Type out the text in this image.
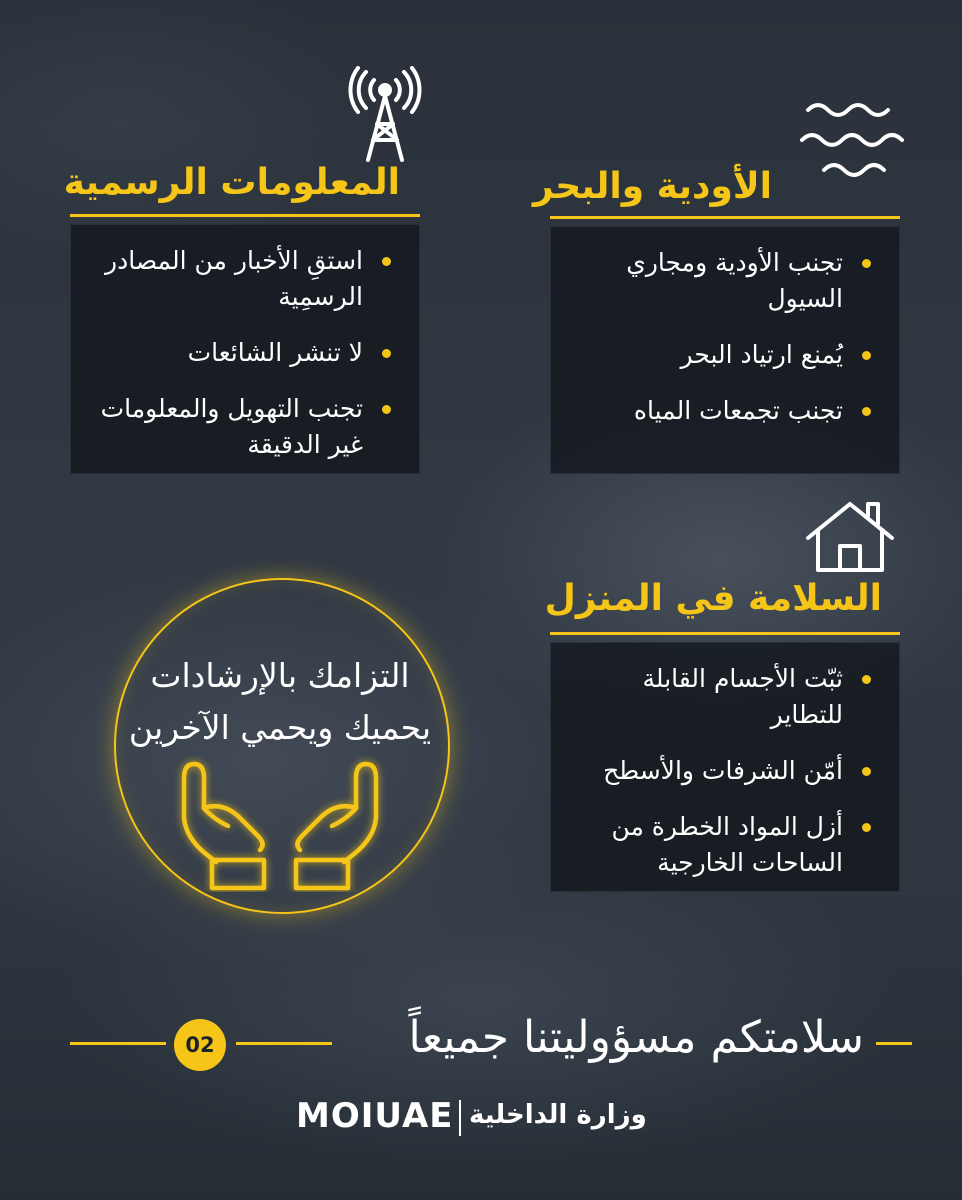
الأودية والبحر
تجنب الأودية ومجاري السيول
يُمنع ارتياد البحر
تجنب تجمعات المياه
المعلومات الرسمية
استقِ الأخبار من المصادر الرسمِية
لا تنشر الشائعات
تجنب التهويل والمعلومات غير الدقيقة
السلامة في المنزل
ثبّت الأجسام القابلة للتطاير
أمّن الشرفات والأسطح
أزل المواد الخطرة من الساحات الخارجية
التزامك بالإرشادات
يحميك ويحمي الآخرين
سلامتكم مسؤوليتنا جميعاً
02
MOIUAE وزارة الداخلية
